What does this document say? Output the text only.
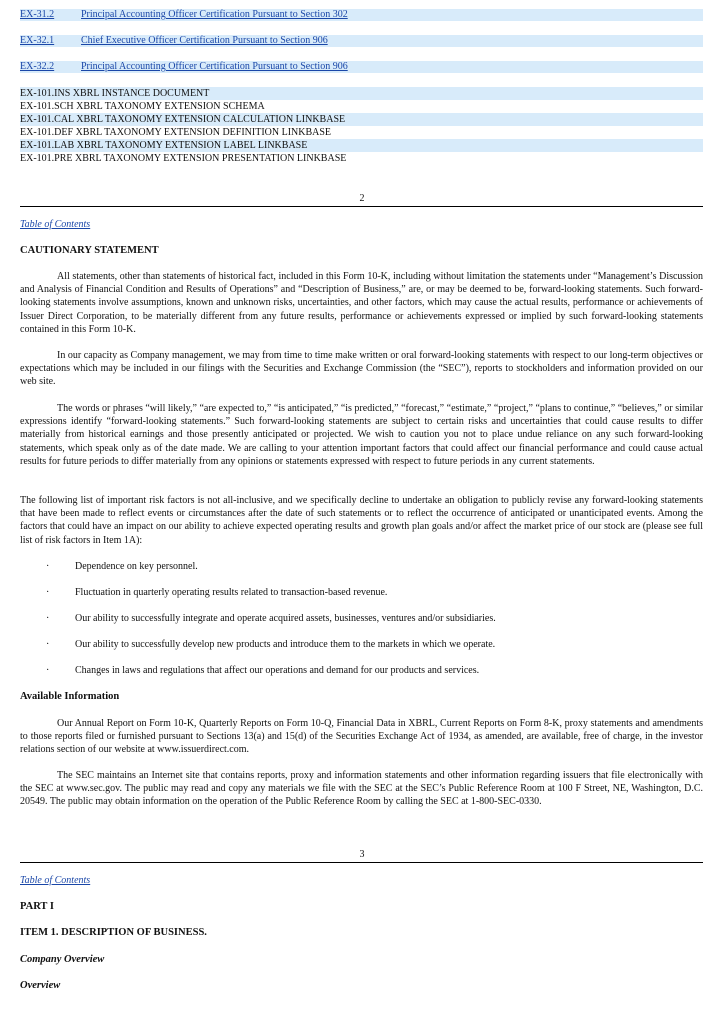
EX-31.2	Principal Accounting Officer Certification Pursuant to Section 302
EX-32.1	Chief Executive Officer Certification Pursuant to Section 906
EX-32.2	Principal Accounting Officer Certification Pursuant to Section 906
EX-101.INS XBRL INSTANCE DOCUMENT
EX-101.SCH XBRL TAXONOMY EXTENSION SCHEMA
EX-101.CAL XBRL TAXONOMY EXTENSION CALCULATION LINKBASE
EX-101.DEF XBRL TAXONOMY EXTENSION DEFINITION LINKBASE
EX-101.LAB XBRL TAXONOMY EXTENSION LABEL LINKBASE
EX-101.PRE XBRL TAXONOMY EXTENSION PRESENTATION LINKBASE
2
Table of Contents
CAUTIONARY STATEMENT
All statements, other than statements of historical fact, included in this Form 10-K, including without limitation the statements under “Management’s Discussion and Analysis of Financial Condition and Results of Operations” and “Description of Business,” are, or may be deemed to be, forward-looking statements. Such forward-looking statements involve assumptions, known and unknown risks, uncertainties, and other factors, which may cause the actual results, performance or achievements of Issuer Direct Corporation, to be materially different from any future results, performance or achievements expressed or implied by such forward-looking statements contained in this Form 10-K.
In our capacity as Company management, we may from time to time make written or oral forward-looking statements with respect to our long-term objectives or expectations which may be included in our filings with the Securities and Exchange Commission (the “SEC”), reports to stockholders and information provided on our web site.
The words or phrases “will likely,” “are expected to,” “is anticipated,” “is predicted,” “forecast,” “estimate,” “project,” “plans to continue,” “believes,” or similar expressions identify “forward-looking statements.” Such forward-looking statements are subject to certain risks and uncertainties that could cause results to differ materially from historical earnings and those presently anticipated or projected. We wish to caution you not to place undue reliance on any such forward-looking statements, which speak only as of the date made. We are calling to your attention important factors that could affect our financial performance and could cause actual results for future periods to differ materially from any opinions or statements expressed with respect to future periods in any current statements.
The following list of important risk factors is not all-inclusive, and we specifically decline to undertake an obligation to publicly revise any forward-looking statements that have been made to reflect events or circumstances after the date of such statements or to reflect the occurrence of anticipated or unanticipated events. Among the factors that could have an impact on our ability to achieve expected operating results and growth plan goals and/or affect the market price of our stock are (please see full list of risk factors in Item 1A):
·	Dependence on key personnel.
·	Fluctuation in quarterly operating results related to transaction-based revenue.
·	Our ability to successfully integrate and operate acquired assets, businesses, ventures and/or subsidiaries.
·	Our ability to successfully develop new products and introduce them to the markets in which we operate.
·	Changes in laws and regulations that affect our operations and demand for our products and services.
Available Information
Our Annual Report on Form 10-K, Quarterly Reports on Form 10-Q, Financial Data in XBRL, Current Reports on Form 8-K, proxy statements and amendments to those reports filed or furnished pursuant to Sections 13(a) and 15(d) of the Securities Exchange Act of 1934, as amended, are available, free of charge, in the investor relations section of our website at www.issuerdirect.com.
The SEC maintains an Internet site that contains reports, proxy and information statements and other information regarding issuers that file electronically with the SEC at www.sec.gov. The public may read and copy any materials we file with the SEC at the SEC’s Public Reference Room at 100 F Street, NE, Washington, D.C. 20549. The public may obtain information on the operation of the Public Reference Room by calling the SEC at 1-800-SEC-0330.
3
Table of Contents
PART I
ITEM 1. DESCRIPTION OF BUSINESS.
Company Overview
Overview
